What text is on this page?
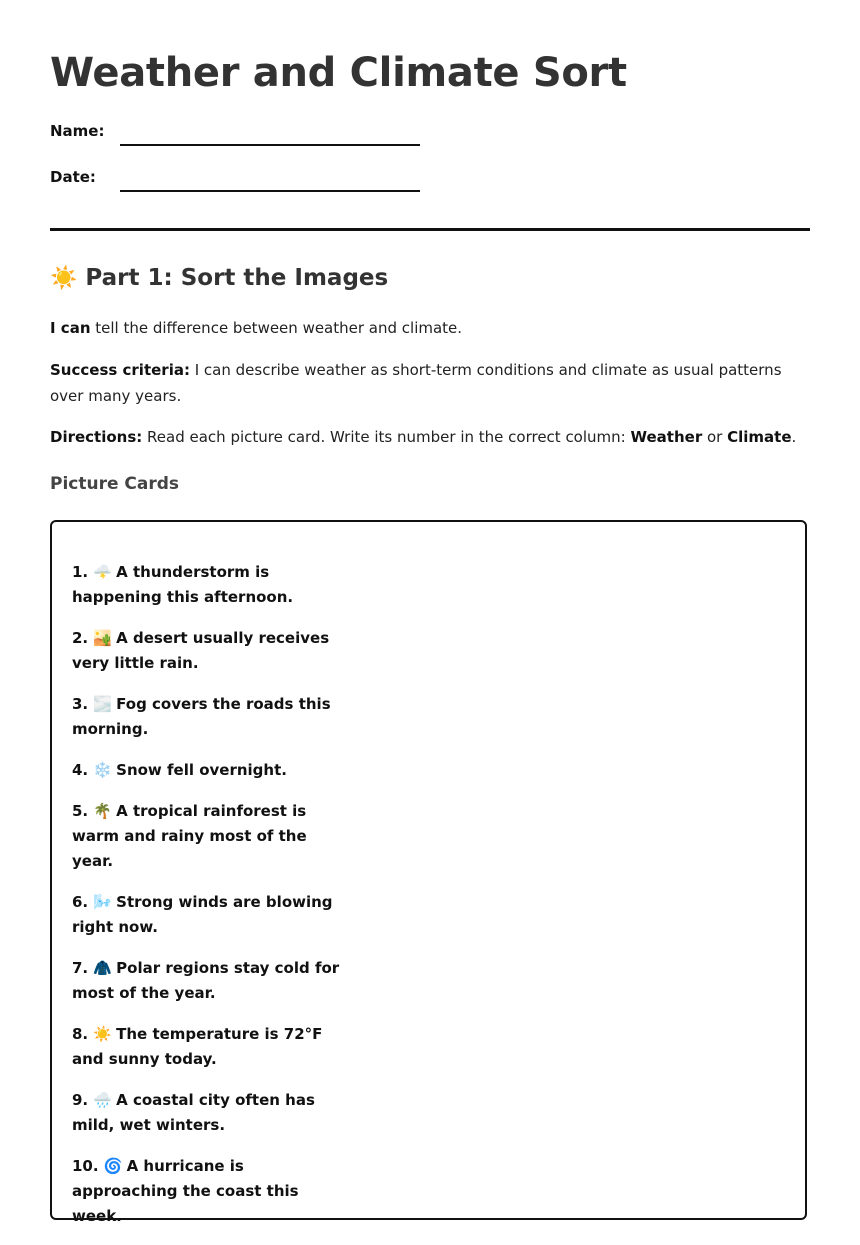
Weather and Climate Sort
Name:
Date:
☀️ Part 1: Sort the Images

I can tell the difference between weather and climate.

Success criteria: I can describe weather as short-term conditions and climate as usual patterns over many years.

Directions: Read each picture card. Write its number in the correct column: Weather or Climate.

Picture Cards
1. 🌩️ A thunderstorm is happening this afternoon.
2. 🏜️ A desert usually receives very little rain.
3. 🌫️ Fog covers the roads this morning.
4. ❄️ Snow fell overnight.
5. 🌴 A tropical rainforest is warm and rainy most of the year.
6. 🌬️ Strong winds are blowing right now.
7. 🧥 Polar regions stay cold for most of the year.
8. ☀️ The temperature is 72°F and sunny today.
9. 🌧️ A coastal city often has mild, wet winters.
10. 🌀 A hurricane is approaching the coast this week.
